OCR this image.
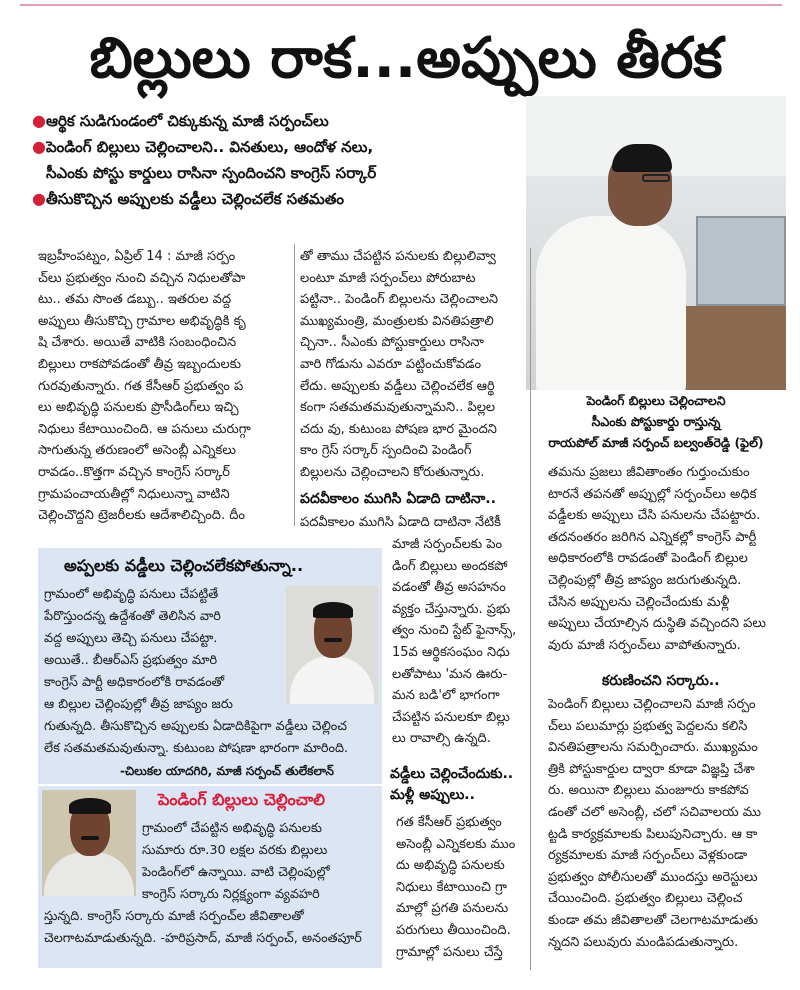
బిల్లులు రాక...అప్పులు తీరక
● ఆర్థిక సుడిగుండంలో చిక్కుకున్న మాజీ సర్పంచ్‌లు
● పెండింగ్ బిల్లులు చెల్లించాలని.. వినతులు, ఆందోళ నలు,
సీఎంకు పోస్టు కార్డులు రాసినా స్పందించని కాంగ్రెస్ సర్కార్
● తీసుకొచ్చిన అప్పులకు వడ్డీలు చెల్లించలేక సతమతం
పెండింగ్ బిల్లులు చెల్లించాలని
సీఎంకు పోస్టుకార్డు రాస్తున్న
రాయపోల్ మాజీ సర్పంచ్ బల్వంత్‌రెడ్డి (ఫైల్)
ఇబ్రహీంపట్నం, ఏప్రిల్ 14 : మాజీ సర్పం
చ్‌లు ప్రభుత్వం నుంచి వచ్చిన నిధులతోపా
టు.. తమ సొంత డబ్బు.. ఇతరుల వద్ద
అప్పులు తీసుకొచ్చి గ్రామాల అభివృద్ధికి కృ
షి చేశారు. అయితే వాటికి సంబంధించిన
బిల్లులు రాకపోవడంతో తీవ్ర ఇబ్బందులకు
గురవుతున్నారు. గత కేసీఆర్ ప్రభుత్వం ప
లు అభివృద్ధి పనులకు ప్రొసీడింగ్‌లు ఇచ్చి
నిధులు కేటాయించింది. ఆ పనులు చురుగ్గా
సాగుతున్న తరుణంలో అసెంబ్లీ ఎన్నికలు
రావడం..కొత్తగా వచ్చిన కాంగ్రెస్ సర్కార్
గ్రామపంచాయతీల్లో నిధులున్నా వాటిని
చెల్లించొద్దని ట్రెజరీలకు ఆదేశాలిచ్చింది. దీం
తో తాము చేపట్టిన పనులకు బిల్లులివ్వా
లంటూ మాజీ సర్పంచ్‌లు పోరుబాట
పట్టినా.. పెండింగ్ బిల్లులను చెల్లించాలని
ముఖ్యమంత్రి, మంత్రులకు వినతిపత్రాలి
చ్చినా.. సీఎంకు పోస్టుకార్డులు రాసినా
వారి గోడును ఎవరూ పట్టించుకోవడం
లేదు. అప్పులకు వడ్డీలు చెల్లించలేక ఆర్థి
కంగా సతమతమవుతున్నామని.. పిల్లల
చదు వు, కుటుంబ పోషణ భార మైందని
కాం గ్రెస్ సర్కార్ స్పందించి పెండింగ్
బిల్లులను చెల్లించాలని కోరుతున్నారు.
పదవీకాలం ముగిసి ఏడాది దాటినా..
పదవీకాలం ముగిసి ఏడాది దాటినా నేటికీ
మాజీ సర్పంచ్‌లకు పెం
డింగ్ బిల్లులు అందకపో
వడంతో తీవ్ర అసహనం
వ్యక్తం చేస్తున్నారు. ప్రభు
త్వం నుంచి స్టేట్ ఫైనాన్స్,
15వ ఆర్థికసంఘం నిధు
లతోపాటు 'మన ఊరు-
మన బడి'లో భాగంగా
చేపట్టిన పనులకూ బిల్లు
లు రావాల్సి ఉన్నది.
వడ్డీలు చెల్లించేందుకు..
మళ్లీ అప్పులు..
గత కేసీఆర్ ప్రభుత్వం
అసెంబ్లీ ఎన్నికలకు ముం
దు అభివృద్ధి పనులకు
నిధులు కేటాయించి గ్రా
మాల్లో ప్రగతి పనులను
పరుగులు తీయించింది.
గ్రామాల్లో పనులు చేస్తే
తమను ప్రజలు జీవితాంతం గుర్తుంచుకుం
టారనే తపనతో అప్పుల్లో సర్పంచ్‌లు అధిక
వడ్డీలకు అప్పులు చేసి పనులను చేపట్టారు.
తదనంతరం జరిగిన ఎన్నికల్లో కాంగ్రెస్ పార్టీ
అధికారంలోకి రావడంతో పెండింగ్ బిల్లుల
చెల్లింపుల్లో తీవ్ర జాప్యం జరుగుతున్నది.
చేసిన అప్పులను చెల్లించేందుకు మళ్లీ
అప్పులు చేయాల్సిన దుస్థితి వచ్చిందని పలు
వురు మాజీ సర్పంచ్‌లు వాపోతున్నారు.
కరుణించని సర్కారు..
పెండింగ్ బిల్లులు చెల్లించాలని మాజీ సర్పం
చ్‌లు పలుమార్లు ప్రభుత్వ పెద్దలను కలిసి
వినతిపత్రాలను సమర్పించారు. ముఖ్యమం
త్రికి పోస్టుకార్డుల ద్వారా కూడా విజ్ఞప్తి చేశా
రు. అయినా బిల్లులు మంజూరు కాకపోవ
డంతో చలో అసెంబ్లీ, చలో సచివాలయ ము
ట్టడి కార్యక్రమాలకు పిలుపునిచ్చారు. ఆ కా
ర్యక్రమాలకు మాజీ సర్పంచ్‌లు వెళ్లకుండా
ప్రభుత్వం పోలీసులతో ముందస్తు అరెస్టులు
చేయించింది. ప్రభుత్వం బిల్లులు చెల్లించ
కుండా తమ జీవితాలతో చెలగాటమాడుతు
న్నదని పలువురు మండిపడుతున్నారు.
అప్పలకు వడ్డీలు చెల్లించలేకపోతున్నా..
గ్రామంలో అభివృద్ధి పనులు చేపట్టితే
పేరొస్తుందన్న ఉద్దేశంతో తెలిసిన వారి
వద్ద అప్పులు తెచ్చి పనులు చేపట్టా.
అయితే.. బీఆర్‌ఎస్ ప్రభుత్వం మారి
కాంగ్రెస్ పార్టీ అధికారంలోకి రావడంతో
ఆ బిల్లుల చెల్లింపుల్లో తీవ్ర జాప్యం జరు
గుతున్నది. తీసుకొచ్చిన అప్పులకు ఏడాదికిపైగా వడ్డీలు చెల్లించ
లేక సతమతమవుతున్నా. కుటుంబ పోషణా భారంగా మారింది.
-చిలుకల యాదగిరి, మాజీ సర్పంచ్ తులేకలాన్
పెండింగ్ బిల్లులు చెల్లించాలి
గ్రామంలో చేపట్టిన అభివృద్ధి పనులకు
సుమారు రూ.30 లక్షల వరకు బిల్లులు
పెండింగ్‌లో ఉన్నాయి. వాటి చెల్లింపుల్లో
కాంగ్రెస్ సర్కారు నిర్లక్ష్యంగా వ్యవహరి
స్తున్నది. కాంగ్రెస్ సర్కారు మాజీ సర్పంచ్‌ల జీవితాలతో
చెలగాటమాడుతున్నది. -హరిప్రసాద్, మాజీ సర్పంచ్, అనంతపూర్
